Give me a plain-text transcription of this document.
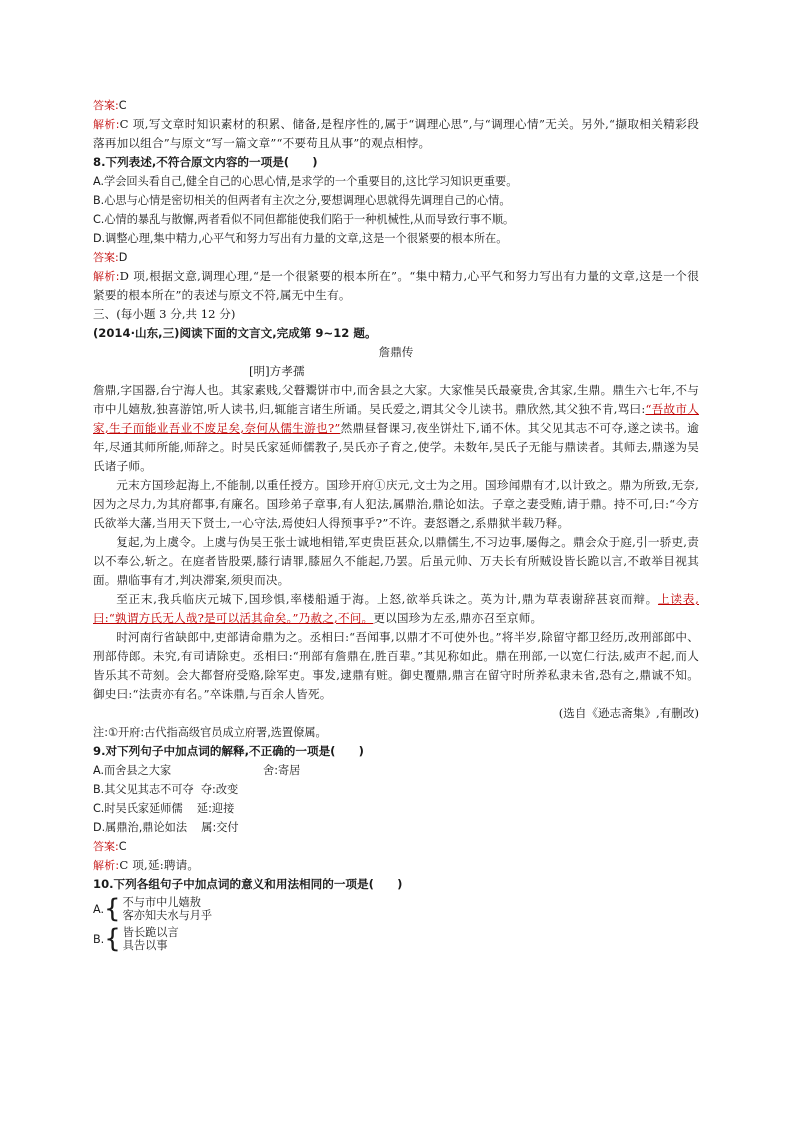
答案:C
解析:C 项,写文章时知识素材的积累、储备,是程序性的,属于“调理心思”,与“调理心情”无关。另外,“撷取相关精彩段落再加以组合”与原文“写一篇文章”“不要苟且从事”的观点相悖。
8.下列表述,不符合原文内容的一项是(　　)
A.学会回头看自己,健全自己的心思心情,是求学的一个重要目的,这比学习知识更重要。
B.心思与心情是密切相关的但两者有主次之分,要想调理心思就得先调理自己的心情。
C.心情的暴乱与散懈,两者看似不同但都能使我们陷于一种机械性,从而导致行事不顺。
D.调整心理,集中精力,心平气和努力写出有力量的文章,这是一个很紧要的根本所在。
答案:D
解析:D 项,根据文意,调理心理,“是一个很紧要的根本所在”。“集中精力,心平气和努力写出有力量的文章,这是一个很紧要的根本所在”的表述与原文不符,属无中生有。
三、(每小题 3 分,共 12 分)
(2014·山东,三)阅读下面的文言文,完成第 9~12 题。
詹鼎传
[明]方孝孺
詹鼎,字国器,台宁海人也。其家素贱,父瞽鬻饼市中,而舍县之大家。大家惟吴氏最豪贵,舍其家,生鼎。鼎生六七年,不与市中儿嬉敖,独喜游馆,听人读书,归,辄能言诸生所诵。吴氏爱之,谓其父令儿读书。鼎欣然,其父独不肯,骂曰:“吾故市人家,生子而能业吾业不废足矣,奈何从儒生游也?”然鼎昼督课习,夜坐饼灶下,诵不休。其父见其志不可夺,遂之读书。逾年,尽通其师所能,师辞之。时吴氏家延师儒教子,吴氏亦子育之,使学。未数年,吴氏子无能与鼎读者。其师去,鼎遂为吴氏诸子师。
元末方国珍起海上,不能制,以重任授方。国珍开府①庆元,文士为之用。国珍闻鼎有才,以计致之。鼎为所致,无奈,因为之尽力,为其府都事,有廉名。国珍弟子章事,有人犯法,属鼎治,鼎论如法。子章之妻受贿,请于鼎。持不可,曰:“今方氏欲举大藩,当用天下贤士,一心守法,焉使妇人得预事乎?”不许。妻怒谮之,系鼎狱半载乃释。
复起,为上虞令。上虞与伪吴王张士诚地相错,军吏贵臣甚众,以鼎儒生,不习边事,屡侮之。鼎会众于庭,引一骄吏,责以不奉公,斩之。在庭者皆股栗,膝行请罪,膝屈久不能起,乃罢。后虽元帅、万夫长有所贼设皆长跪以言,不敢举目视其面。鼎临事有才,判决滞案,须臾而决。
至正末,我兵临庆元城下,国珍惧,率楼船遁于海。上怒,欲举兵诛之。英为计,鼎为草表谢辞甚哀而辩。上读表,曰:“孰谓方氏无人哉?是可以活其命矣。”乃赦之,不问。更以国珍为左丞,鼎亦召至京师。
时河南行省缺郎中,吏部请命鼎为之。丞相曰:“吾闻事,以鼎才不可使外也。”将半岁,除留守都卫经历,改刑部郎中、刑部侍郎。未究,有司请除吏。丞相曰:“刑部有詹鼎在,胜百辈。”其见称如此。鼎在刑部,一以宽仁行法,威声不起,而人皆乐其不苛刻。会大都督府受赂,除军吏。事发,逮鼎有赃。御史覆鼎,鼎言在留守时所养私隶未省,恐有之,鼎诚不知。御史曰:“法责亦有名。”卒诛鼎,与百余人皆死。
(选自《逊志斋集》,有删改)
注:①开府:古代指高级官员成立府署,选置僚属。
9.对下列句子中加点词的解释,不正确的一项是(　　)
A.而舍县之大家	舍:寄居
B.其父见其志不可夺 夺:改变
C.时吴氏家延师儒 延:迎接
D.属鼎治,鼎论如法 属:交付
答案:C
解析:C 项,延:聘请。
10.下列各组句子中加点词的意义和用法相同的一项是(　　)
A. { 不与市中儿嬉敖
客亦知夫水与月乎
B. { 皆长跪以言
具告以事
